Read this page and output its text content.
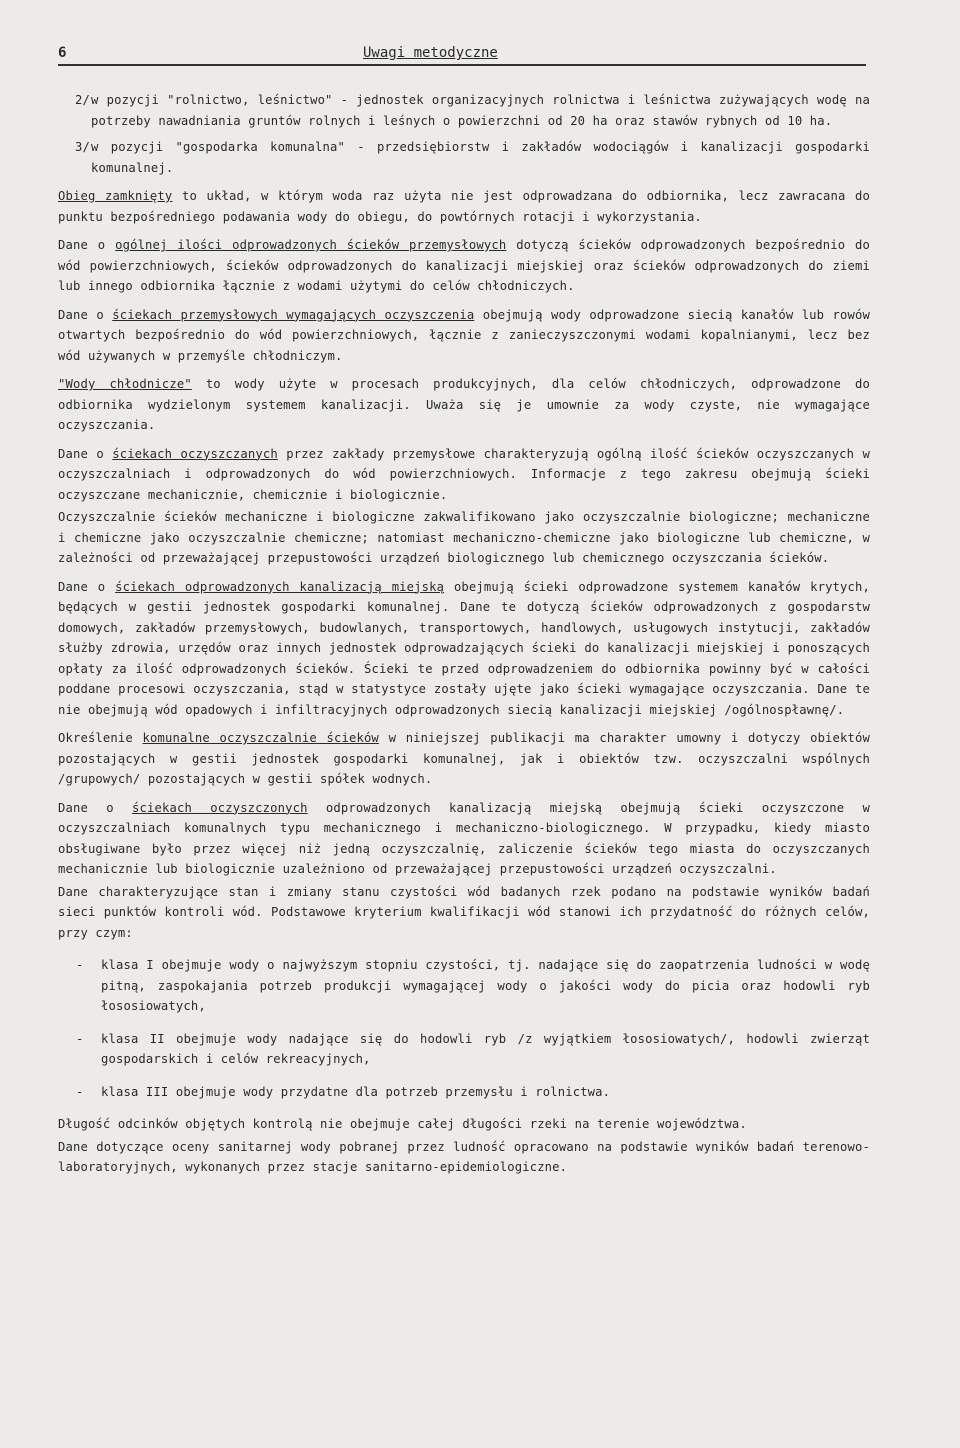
6	Uwagi metodyczne
2/ w pozycji "rolnictwo, leśnictwo" - jednostek organizacyjnych rolnictwa i leśnictwa zużywających wodę na potrzeby nawadniania gruntów rolnych i leśnych o powierzchni od 20 ha oraz stawów rybnych od 10 ha.
3/ w pozycji "gospodarka komunalna" - przedsiębiorstw i zakładów wodociągów i kanalizacji gospodarki komunalnej.

Obieg zamknięty to układ, w którym woda raz użyta nie jest odprowadzana do odbiornika, lecz zawracana do punktu bezpośredniego podawania wody do obiegu, do powtórnych rotacji i wykorzystania.

Dane o ogólnej ilości odprowadzonych ścieków przemysłowych dotyczą ścieków odprowadzonych bezpośrednio do wód powierzchniowych, ścieków odprowadzonych do kanalizacji miejskiej oraz ścieków odprowadzonych do ziemi lub innego odbiornika łącznie z wodami użytymi do celów chłodniczych.

Dane o ściekach przemysłowych wymagających oczyszczenia obejmują wody odprowadzone siecią kanałów lub rowów otwartych bezpośrednio do wód powierzchniowych, łącznie z zanieczyszczonymi wodami kopalnianymi, lecz bez wód używanych w przemyśle chłodniczym.

"Wody chłodnicze" to wody użyte w procesach produkcyjnych, dla celów chłodniczych, odprowadzone do odbiornika wydzielonym systemem kanalizacji. Uważa się je umownie za wody czyste, nie wymagające oczyszczania.

Dane o ściekach oczyszczanych przez zakłady przemysłowe charakteryzują ogólną ilość ścieków oczyszczanych w oczyszczalniach i odprowadzonych do wód powierzchniowych. Informacje z tego zakresu obejmują ścieki oczyszczane mechanicznie, chemicznie i biologicznie.

Oczyszczalnie ścieków mechaniczne i biologiczne zakwalifikowano jako oczyszczalnie biologiczne; mechaniczne i chemiczne jako oczyszczalnie chemiczne; natomiast mechaniczno-chemiczne jako biologiczne lub chemiczne, w zależności od przeważającej przepustowości urządzeń biologicznego lub chemicznego oczyszczania ścieków.

Dane o ściekach odprowadzonych kanalizacją miejską obejmują ścieki odprowadzone systemem kanałów krytych, będących w gestii jednostek gospodarki komunalnej. Dane te dotyczą ścieków odprowadzonych z gospodarstw domowych, zakładów przemysłowych, budowlanych, transportowych, handlowych, usługowych instytucji, zakładów służby zdrowia, urzędów oraz innych jednostek odprowadzających ścieki do kanalizacji miejskiej i ponoszących opłaty za ilość odprowadzonych ścieków. Ścieki te przed odprowadzeniem do odbiornika powinny być w całości poddane procesowi oczyszczania, stąd w statystyce zostały ujęte jako ścieki wymagające oczyszczania. Dane te nie obejmują wód opadowych i infiltracyjnych odprowadzonych siecią kanalizacji miejskiej /ogólnospławnę/.

Określenie komunalne oczyszczalnie ścieków w niniejszej publikacji ma charakter umowny i dotyczy obiektów pozostających w gestii jednostek gospodarki komunalnej, jak i obiektów tzw. oczyszczalni wspólnych /grupowych/ pozostających w gestii spółek wodnych.

Dane o ściekach oczyszczonych odprowadzonych kanalizacją miejską obejmują ścieki oczyszczone w oczyszczalniach komunalnych typu mechanicznego i mechaniczno-biologicznego. W przypadku, kiedy miasto obsługiwane było przez więcej niż jedną oczyszczalnię, zaliczenie ścieków tego miasta do oczyszczanych mechanicznie lub biologicznie uzależniono od przeważającej przepustowości urządzeń oczyszczalni.

Dane charakteryzujące stan i zmiany stanu czystości wód badanych rzek podano na podstawie wyników badań sieci punktów kontroli wód. Podstawowe kryterium kwalifikacji wód stanowi ich przydatność do różnych celów, przy czym:

- klasa I obejmuje wody o najwyższym stopniu czystości, tj. nadające się do zaopatrzenia ludności w wodę pitną, zaspokajania potrzeb produkcji wymagającej wody o jakości wody do picia oraz hodowli ryb łososiowatych,
- klasa II obejmuje wody nadające się do hodowli ryb /z wyjątkiem łososiowatych/, hodowli zwierząt gospodarskich i celów rekreacyjnych,
- klasa III obejmuje wody przydatne dla potrzeb przemysłu i rolnictwa.

Długość odcinków objętych kontrolą nie obejmuje całej długości rzeki na terenie województwa.

Dane dotyczące oceny sanitarnej wody pobranej przez ludność opracowano na podstawie wyników badań terenowo- laboratoryjnych, wykonanych przez stacje sanitarno-epidemiologiczne.
